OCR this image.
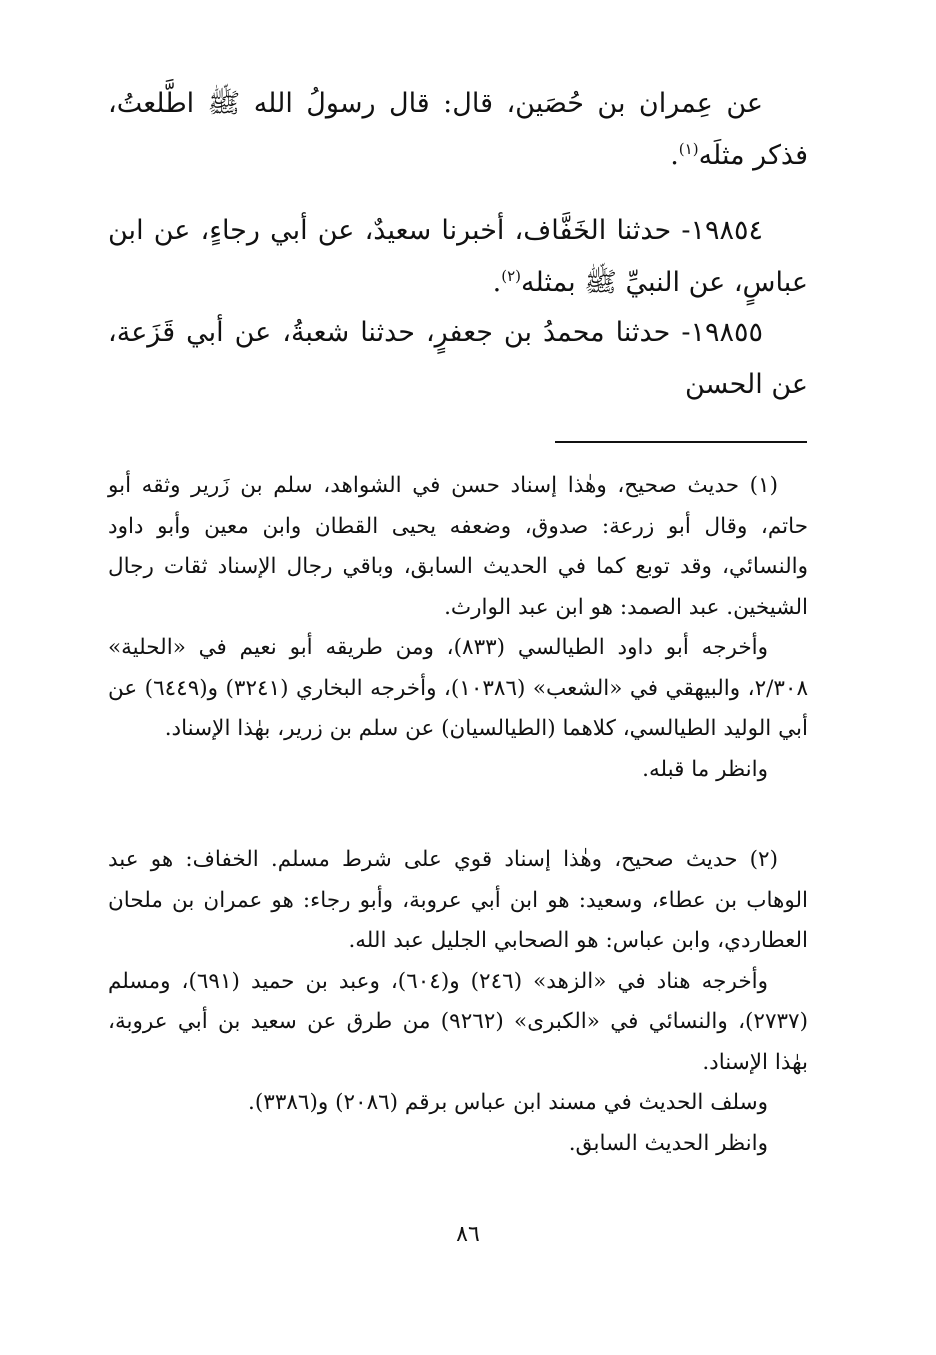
عن عِمران بن حُصَين، قال: قال رسولُ الله ﷺ اطَّلعتُ، فذكر مثلَه$^{(١)}$.

١٩٨٥٤- حدثنا الخَفَّاف، أخبرنا سعيدٌ، عن أبي رجاءٍ، عن ابن عباسٍ، عن النبيِّ ﷺ بمثله$^{(٢)}$.

١٩٨٥٥- حدثنا محمدُ بن جعفرٍ، حدثنا شعبةُ، عن أبي قَزَعة، عن الحسن

(١) حديث صحيح، وهٰذا إسناد حسن في الشواهد، سلم بن زَرير وثقه أبو حاتم، وقال أبو زرعة: صدوق، وضعفه يحيى القطان وابن معين وأبو داود والنسائي، وقد توبع كما في الحديث السابق، وباقي رجال الإسناد ثقات رجال الشيخين. عبد الصمد: هو ابن عبد الوارث.

وأخرجه أبو داود الطيالسي (٨٣٣)، ومن طريقه أبو نعيم في «الحلية» ٢/٣٠٨، والبيهقي في «الشعب» (١٠٣٨٦)، وأخرجه البخاري (٣٢٤١) و(٦٤٤٩) عن أبي الوليد الطيالسي، كلاهما (الطيالسيان) عن سلم بن زرير، بهٰذا الإسناد.

وانظر ما قبله.

(٢) حديث صحيح، وهٰذا إسناد قوي على شرط مسلم. الخفاف: هو عبد الوهاب بن عطاء، وسعيد: هو ابن أبي عروبة، وأبو رجاء: هو عمران بن ملحان العطاردي، وابن عباس: هو الصحابي الجليل عبد الله.

وأخرجه هناد في «الزهد» (٢٤٦) و(٦٠٤)، وعبد بن حميد (٦٩١)، ومسلم (٢٧٣٧)، والنسائي في «الكبرى» (٩٢٦٢) من طرق عن سعيد بن أبي عروبة، بهٰذا الإسناد.

وسلف الحديث في مسند ابن عباس برقم (٢٠٨٦) و(٣٣٨٦).

وانظر الحديث السابق.

٨٦
